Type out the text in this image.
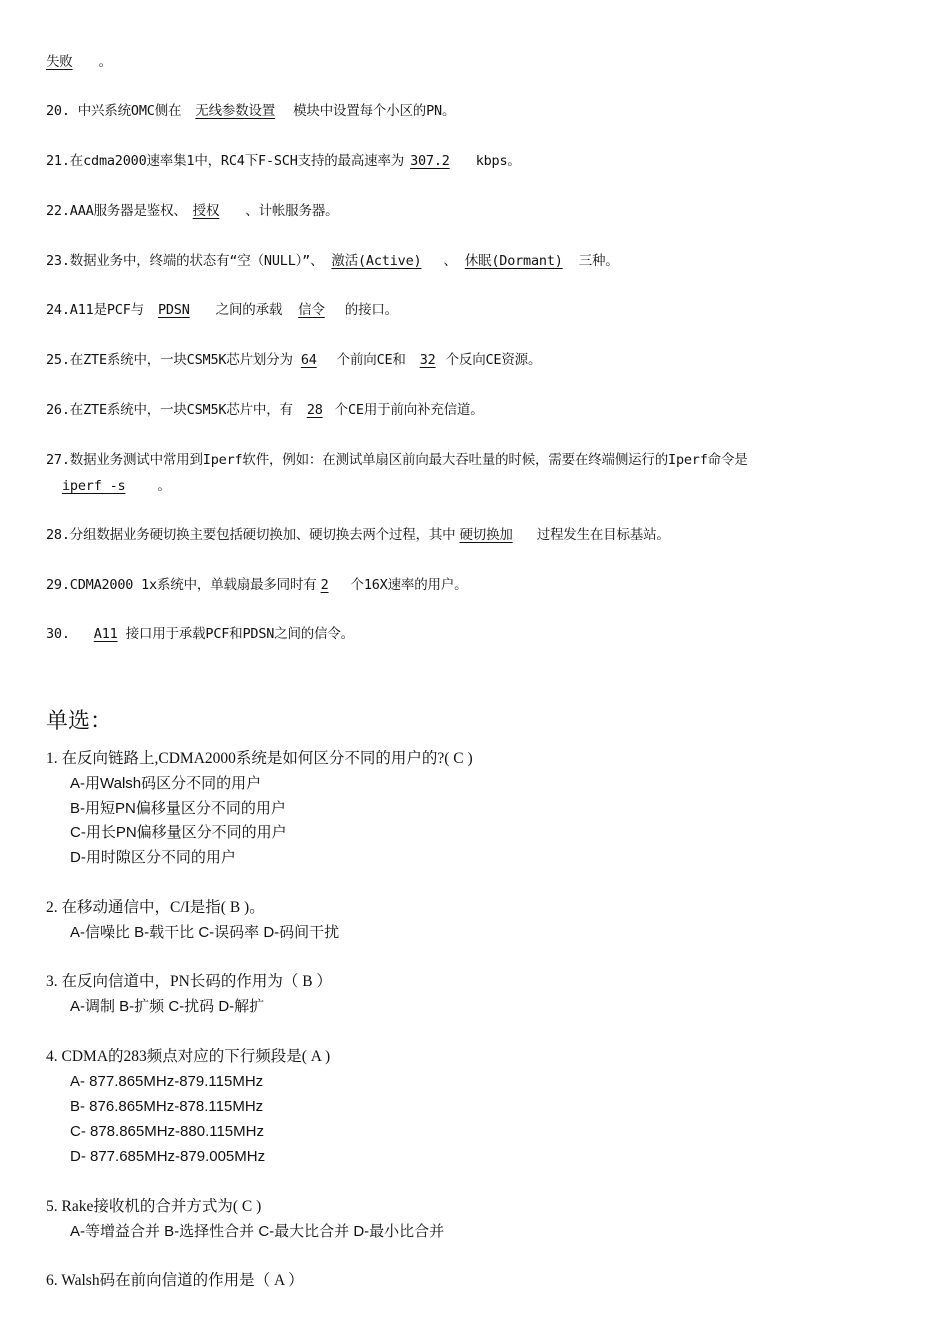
失败 。
20. 中兴系统OMC侧在 无线参数设置 模块中设置每个小区的PN。
21.在cdma2000速率集1中，RC4下F-SCH支持的最高速率为 307.2 kbps。
22.AAA服务器是鉴权、 授权 、计帐服务器。
23.数据业务中，终端的状态有“空（NULL）”、 激活(Active) 、 休眠(Dormant) 三种。
24.A11是PCF与 PDSN 之间的承载 信令 的接口。
25.在ZTE系统中，一块CSM5K芯片划分为 64 个前向CE和 32 个反向CE资源。
26.在ZTE系统中，一块CSM5K芯片中，有 28 个CE用于前向补充信道。
27.数据业务测试中常用到Iperf软件，例如：在测试单扇区前向最大吞吐量的时候，需要在终端侧运行的Iperf命令是
iperf -s 。
28.分组数据业务硬切换主要包括硬切换加、硬切换去两个过程，其中 硬切换加 过程发生在目标基站。
29.CDMA2000 1x系统中，单载扇最多同时有 2 个16X速率的用户。
30. A11 接口用于承载PCF和PDSN之间的信令。
单选：
1. 在反向链路上,CDMA2000系统是如何区分不同的用户的?( C )
A-用Walsh码区分不同的用户
B-用短PN偏移量区分不同的用户
C-用长PN偏移量区分不同的用户
D-用时隙区分不同的用户
2. 在移动通信中，C/I是指( B )。
A-信噪比 B-载干比 C-误码率 D-码间干扰
3. 在反向信道中，PN长码的作用为（ B ）
A-调制 B-扩频 C-扰码 D-解扩
4. CDMA的283频点对应的下行频段是( A )
A- 877.865MHz-879.115MHz
B- 876.865MHz-878.115MHz
C- 878.865MHz-880.115MHz
D- 877.685MHz-879.005MHz
5. Rake接收机的合并方式为( C )
A-等增益合并 B-选择性合并 C-最大比合并 D-最小比合并
6. Walsh码在前向信道的作用是（ A ）
